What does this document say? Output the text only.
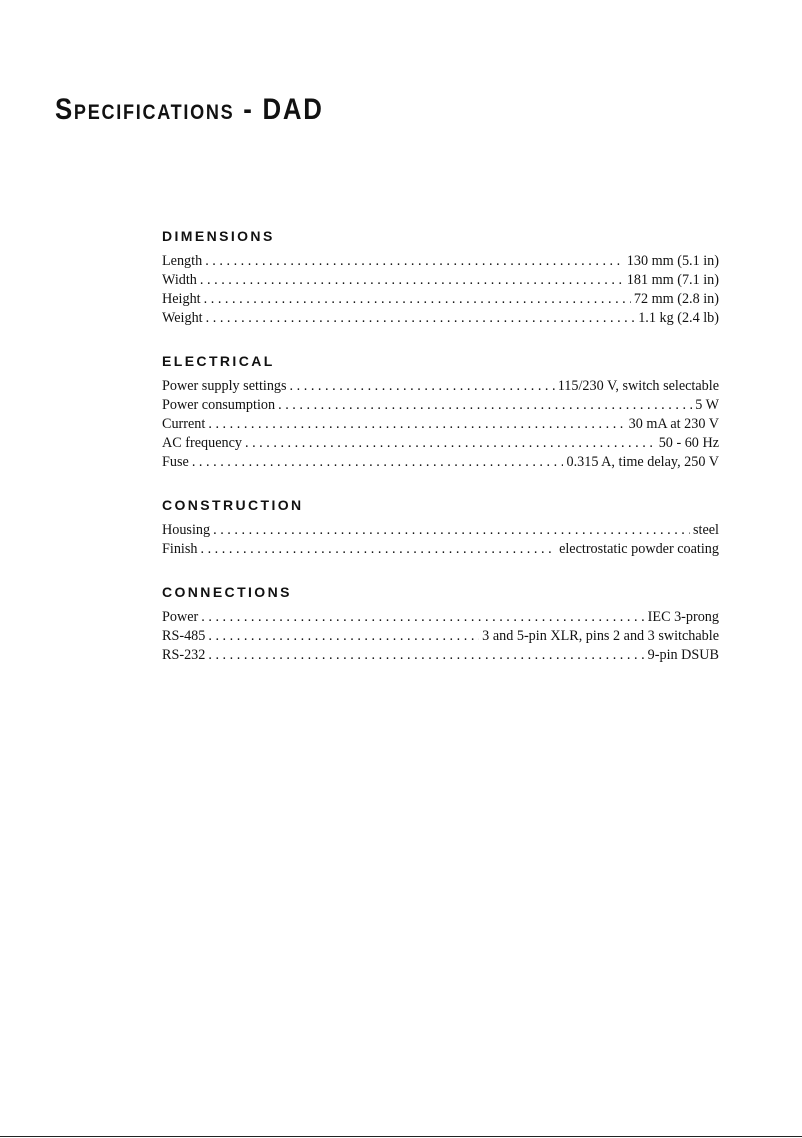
Specifications - DAD
DIMENSIONS
Length . . .	130 mm (5.1 in)
Width . . .	181 mm (7.1 in)
Height . . .	72 mm (2.8 in)
Weight . . .	1.1 kg (2.4 lb)
ELECTRICAL
Power supply settings . . .	115/230 V, switch selectable
Power consumption . . .	5 W
Current . . .	30 mA at 230 V
AC frequency . . .	50 - 60 Hz
Fuse . . .	0.315 A, time delay, 250 V
CONSTRUCTION
Housing . . .	steel
Finish . . .	electrostatic powder coating
CONNECTIONS
Power . . .	IEC 3-prong
RS-485 . . .	3 and 5-pin XLR, pins 2 and 3 switchable
RS-232 . . .	9-pin DSUB
